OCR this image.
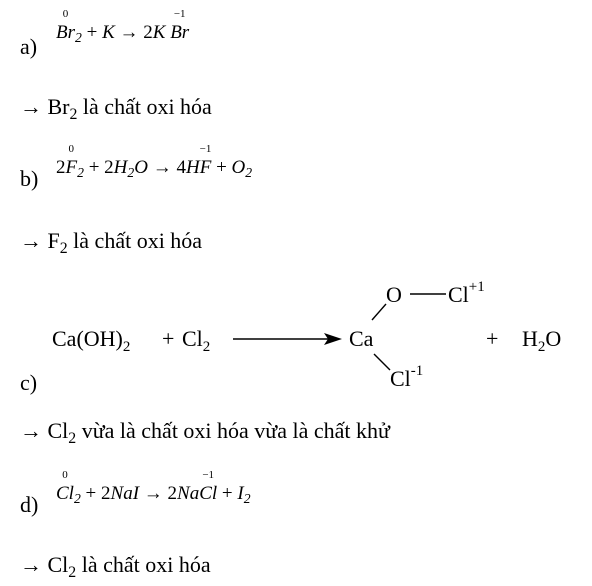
a)
0
$Br_2 + K \to 2K$
−1
Br
→ $Br_2$ là chất oxi hóa
b) 2
0
$F_2 + 2H_2O \to 4H$
−1
$F + O_2$
→ $F_2$ là chất oxi hóa
c)
$Ca(OH)_2 + Cl_2$	Ca
O $Cl^{+1}$
$Cl^{-1}$
+ $H_2O$
→ $Cl_2$ vừa là chất oxi hóa vừa là chất khử
d)
0
$Cl_2 + 2NaI \to 2Na$
−1
$Cl + I_2$
→ $Cl_2$ là chất oxi hóa
